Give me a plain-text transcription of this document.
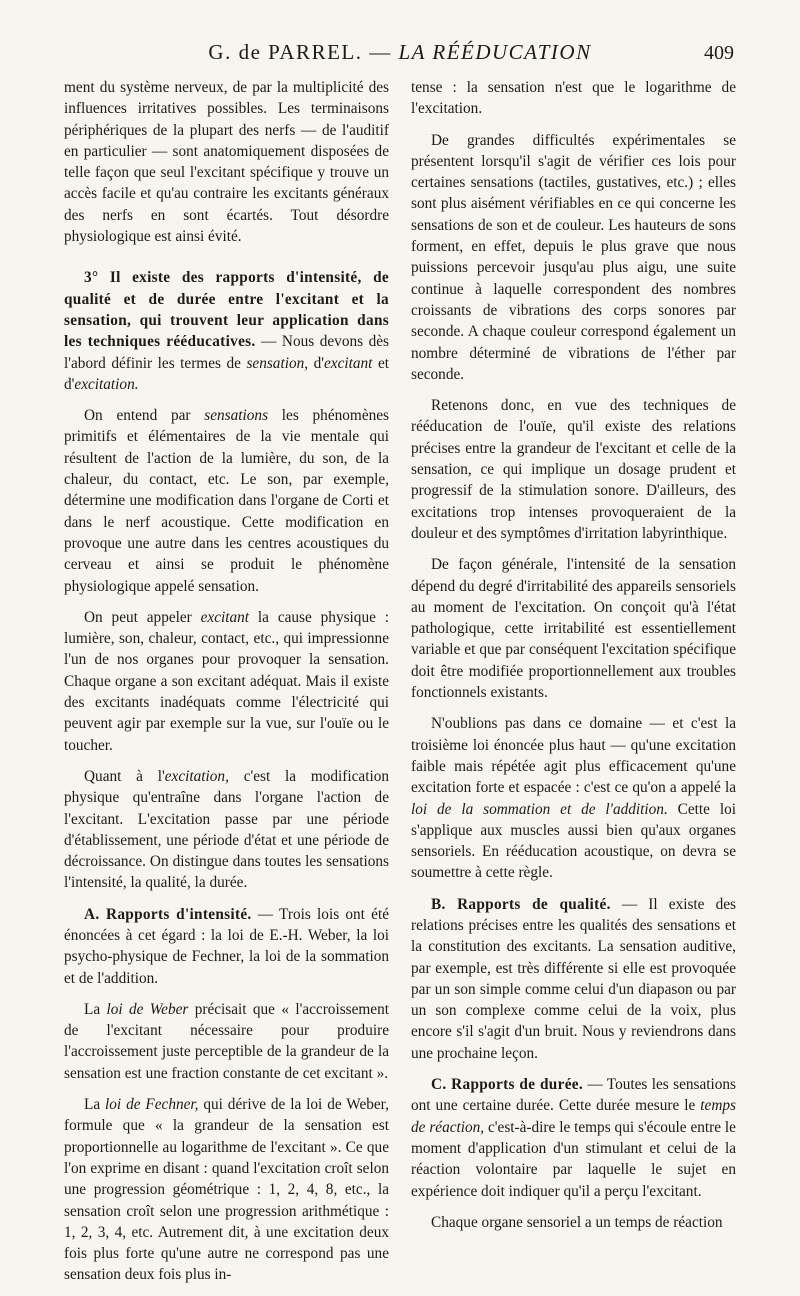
G. de PARREL. — LA RÉÉDUCATION	409

ment du système nerveux, de par la multiplicité des influences irritatives possibles. Les terminaisons périphériques de la plupart des nerfs — de l'auditif en particulier — sont anatomiquement disposées de telle façon que seul l'excitant spécifique y trouve un accès facile et qu'au contraire les excitants généraux des nerfs en sont écartés. Tout désordre physiologique est ainsi évité.

3° Il existe des rapports d'intensité, de qualité et de durée entre l'excitant et la sensation, qui trouvent leur application dans les techniques rééducatives. — Nous devons dès l'abord définir les termes de sensation, d'excitant et d'excitation.

On entend par sensations les phénomènes primitifs et élémentaires de la vie mentale qui résultent de l'action de la lumière, du son, de la chaleur, du contact, etc. Le son, par exemple, détermine une modification dans l'organe de Corti et dans le nerf acoustique. Cette modification en provoque une autre dans les centres acoustiques du cerveau et ainsi se produit le phénomène physiologique appelé sensation.

On peut appeler excitant la cause physique : lumière, son, chaleur, contact, etc., qui impressionne l'un de nos organes pour provoquer la sensation. Chaque organe a son excitant adéquat. Mais il existe des excitants inadéquats comme l'électricité qui peuvent agir par exemple sur la vue, sur l'ouïe ou le toucher.

Quant à l'excitation, c'est la modification physique qu'entraîne dans l'organe l'action de l'excitant. L'excitation passe par une période d'établissement, une période d'état et une période de décroissance. On distingue dans toutes les sensations l'intensité, la qualité, la durée.

A. Rapports d'intensité. — Trois lois ont été énoncées à cet égard : la loi de E.-H. Weber, la loi psycho-physique de Fechner, la loi de la sommation et de l'addition.

La loi de Weber précisait que « l'accroissement de l'excitant nécessaire pour produire l'accroissement juste perceptible de la grandeur de la sensation est une fraction constante de cet excitant ».

La loi de Fechner, qui dérive de la loi de Weber, formule que « la grandeur de la sensation est proportionnelle au logarithme de l'excitant ». Ce que l'on exprime en disant : quand l'excitation croît selon une progression géométrique : 1, 2, 4, 8, etc., la sensation croît selon une progression arithmétique : 1, 2, 3, 4, etc. Autrement dit, à une excitation deux fois plus forte qu'une autre ne correspond pas une sensation deux fois plus in-

tense : la sensation n'est que le logarithme de l'excitation.

De grandes difficultés expérimentales se présentent lorsqu'il s'agit de vérifier ces lois pour certaines sensations (tactiles, gustatives, etc.) ; elles sont plus aisément vérifiables en ce qui concerne les sensations de son et de couleur. Les hauteurs de sons forment, en effet, depuis le plus grave que nous puissions percevoir jusqu'au plus aigu, une suite continue à laquelle correspondent des nombres croissants de vibrations des corps sonores par seconde. A chaque couleur correspond également un nombre déterminé de vibrations de l'éther par seconde.

Retenons donc, en vue des techniques de rééducation de l'ouïe, qu'il existe des relations précises entre la grandeur de l'excitant et celle de la sensation, ce qui implique un dosage prudent et progressif de la stimulation sonore. D'ailleurs, des excitations trop intenses provoqueraient de la douleur et des symptômes d'irritation labyrinthique.

De façon générale, l'intensité de la sensation dépend du degré d'irritabilité des appareils sensoriels au moment de l'excitation. On conçoit qu'à l'état pathologique, cette irritabilité est essentiellement variable et que par conséquent l'excitation spécifique doit être modifiée proportionnellement aux troubles fonctionnels existants.

N'oublions pas dans ce domaine — et c'est la troisième loi énoncée plus haut — qu'une excitation faible mais répétée agit plus efficacement qu'une excitation forte et espacée : c'est ce qu'on a appelé la loi de la sommation et de l'addition. Cette loi s'applique aux muscles aussi bien qu'aux organes sensoriels. En rééducation acoustique, on devra se soumettre à cette règle.

B. Rapports de qualité. — Il existe des relations précises entre les qualités des sensations et la constitution des excitants. La sensation auditive, par exemple, est très différente si elle est provoquée par un son simple comme celui d'un diapason ou par un son complexe comme celui de la voix, plus encore s'il s'agit d'un bruit. Nous y reviendrons dans une prochaine leçon.

C. Rapports de durée. — Toutes les sensations ont une certaine durée. Cette durée mesure le temps de réaction, c'est-à-dire le temps qui s'écoule entre le moment d'application d'un stimulant et celui de la réaction volontaire par laquelle le sujet en expérience doit indiquer qu'il a perçu l'excitant.

Chaque organe sensoriel a un temps de réaction
